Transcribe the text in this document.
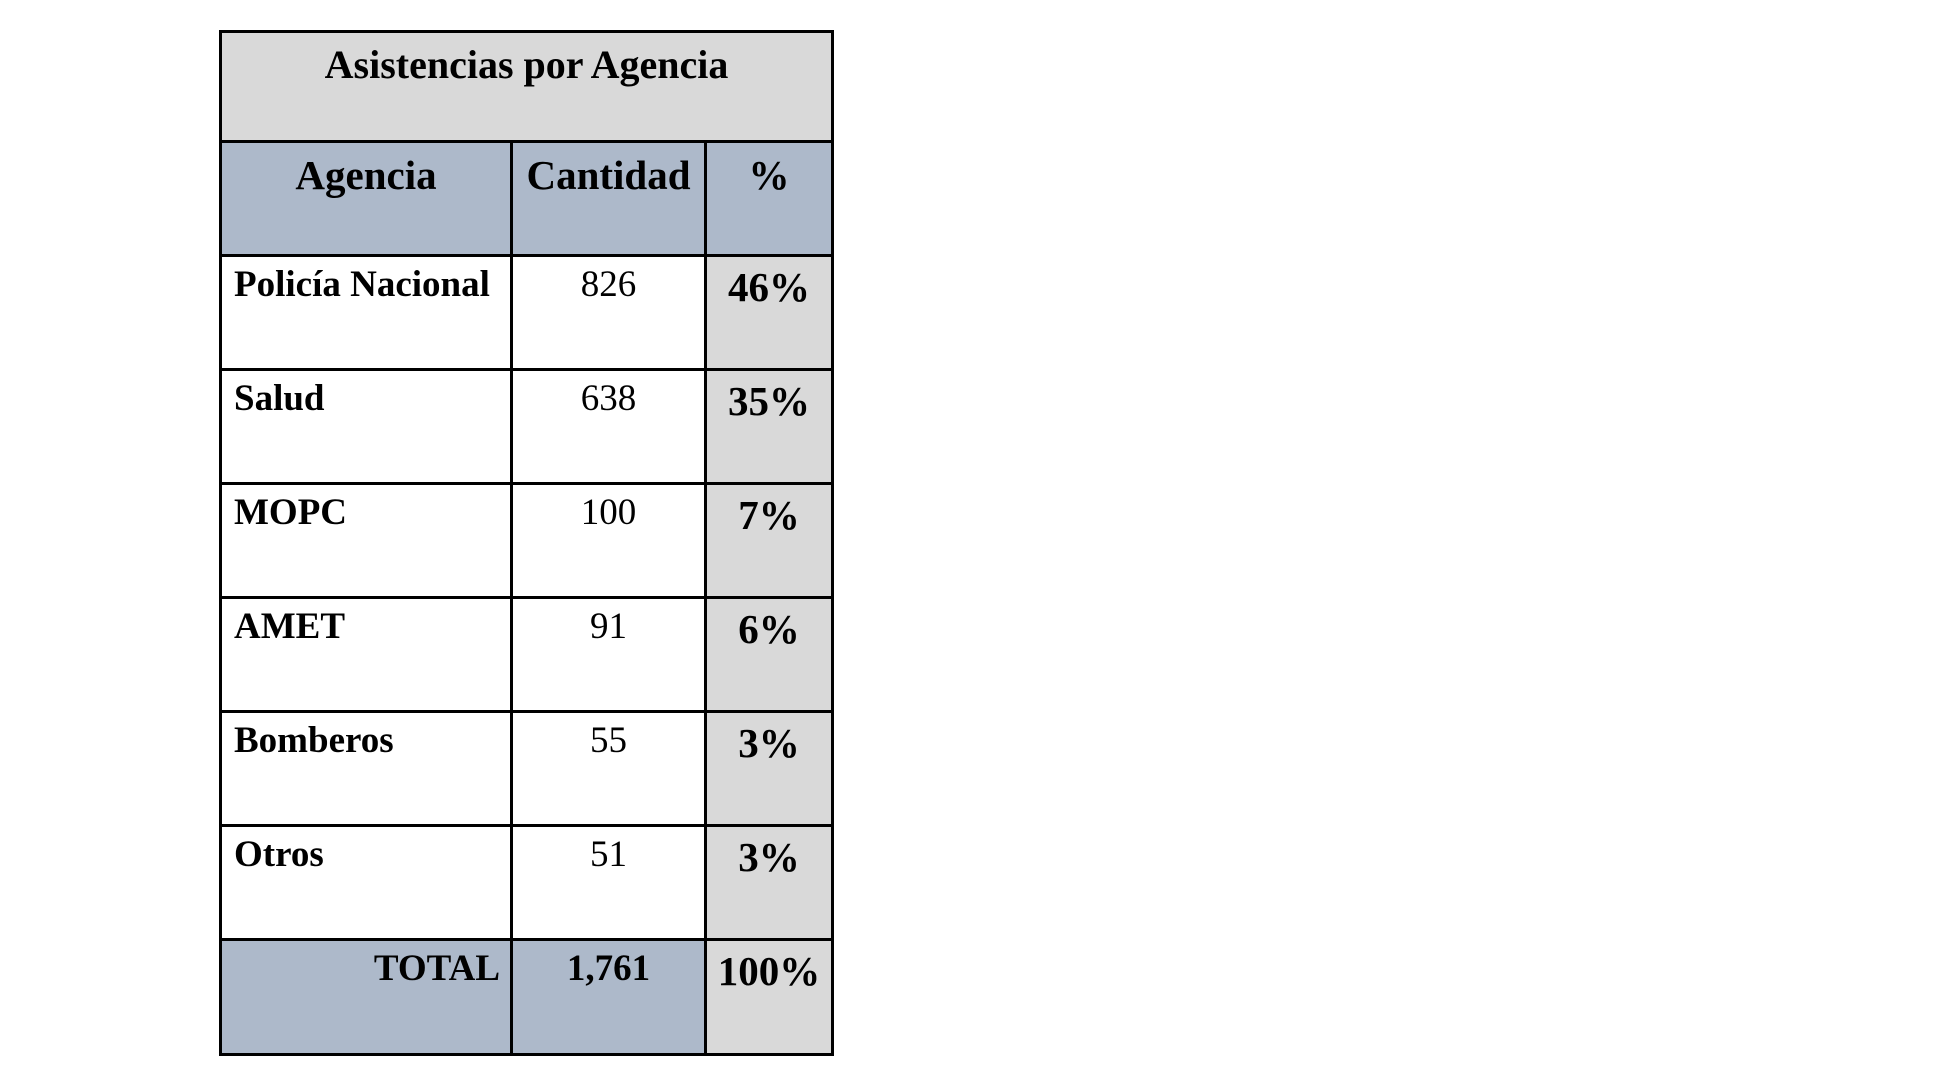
Asistencias por Agencia		
Agencia	Cantidad	%
Policía Nacional	826	46%
Salud	638	35%
MOPC	100	7%
AMET	91	6%
Bomberos	55	3%
Otros	51	3%
TOTAL	1,761	100%
